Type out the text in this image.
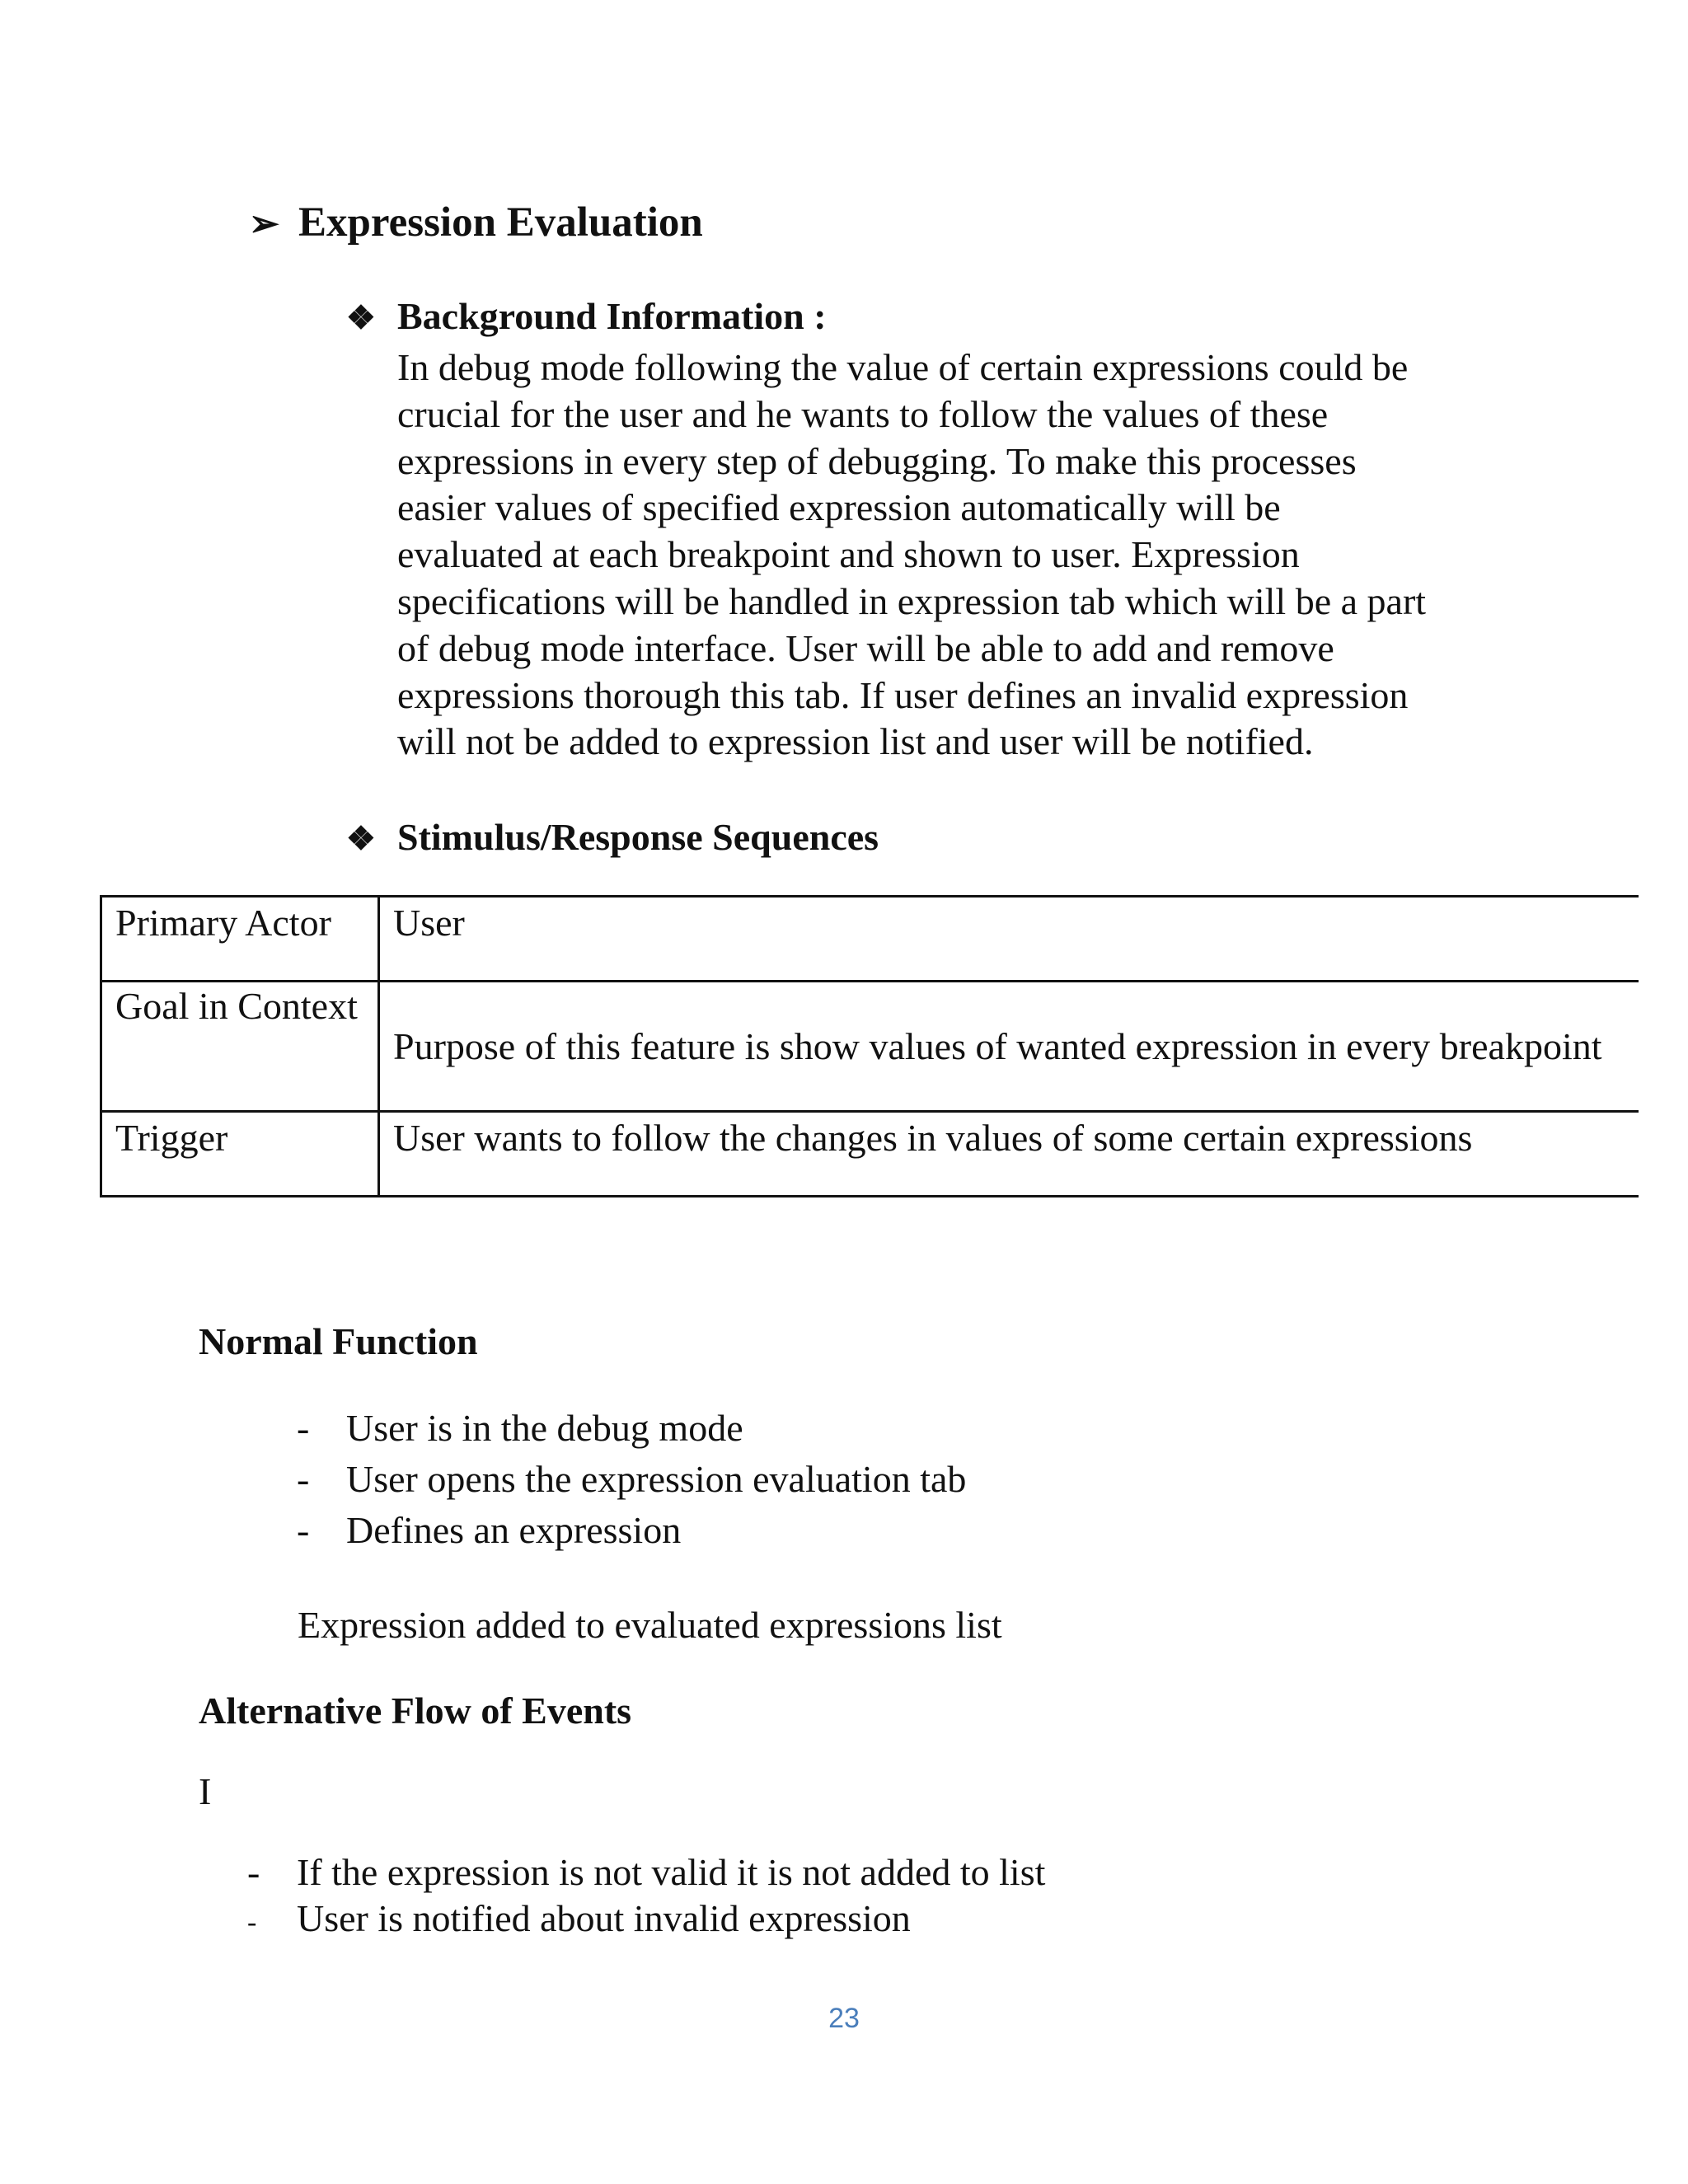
➢ Expression Evaluation
❖ Background Information :
In debug mode following the value of certain expressions could be
crucial for the user and he wants to follow the values of these
expressions in every step of debugging. To make this processes
easier values of specified expression automatically will be
evaluated at each breakpoint and shown to user. Expression
specifications will be handled in expression tab which will be a part
of debug mode interface. User will be able to add and remove
expressions thorough this tab. If user defines an invalid expression
will not be added to expression list and user will be notified.
❖ Stimulus/Response Sequences
Primary Actor	User
Goal in Context	Purpose of this feature is show values of wanted expression in every breakpoint
Trigger	User wants to follow the changes in values of some certain expressions
Normal Function
- User is in the debug mode
- User opens the expression evaluation tab
- Defines an expression
Expression added to evaluated expressions list
Alternative Flow of Events
I
- If the expression is not valid it is not added to list
- User is notified about invalid expression
23
